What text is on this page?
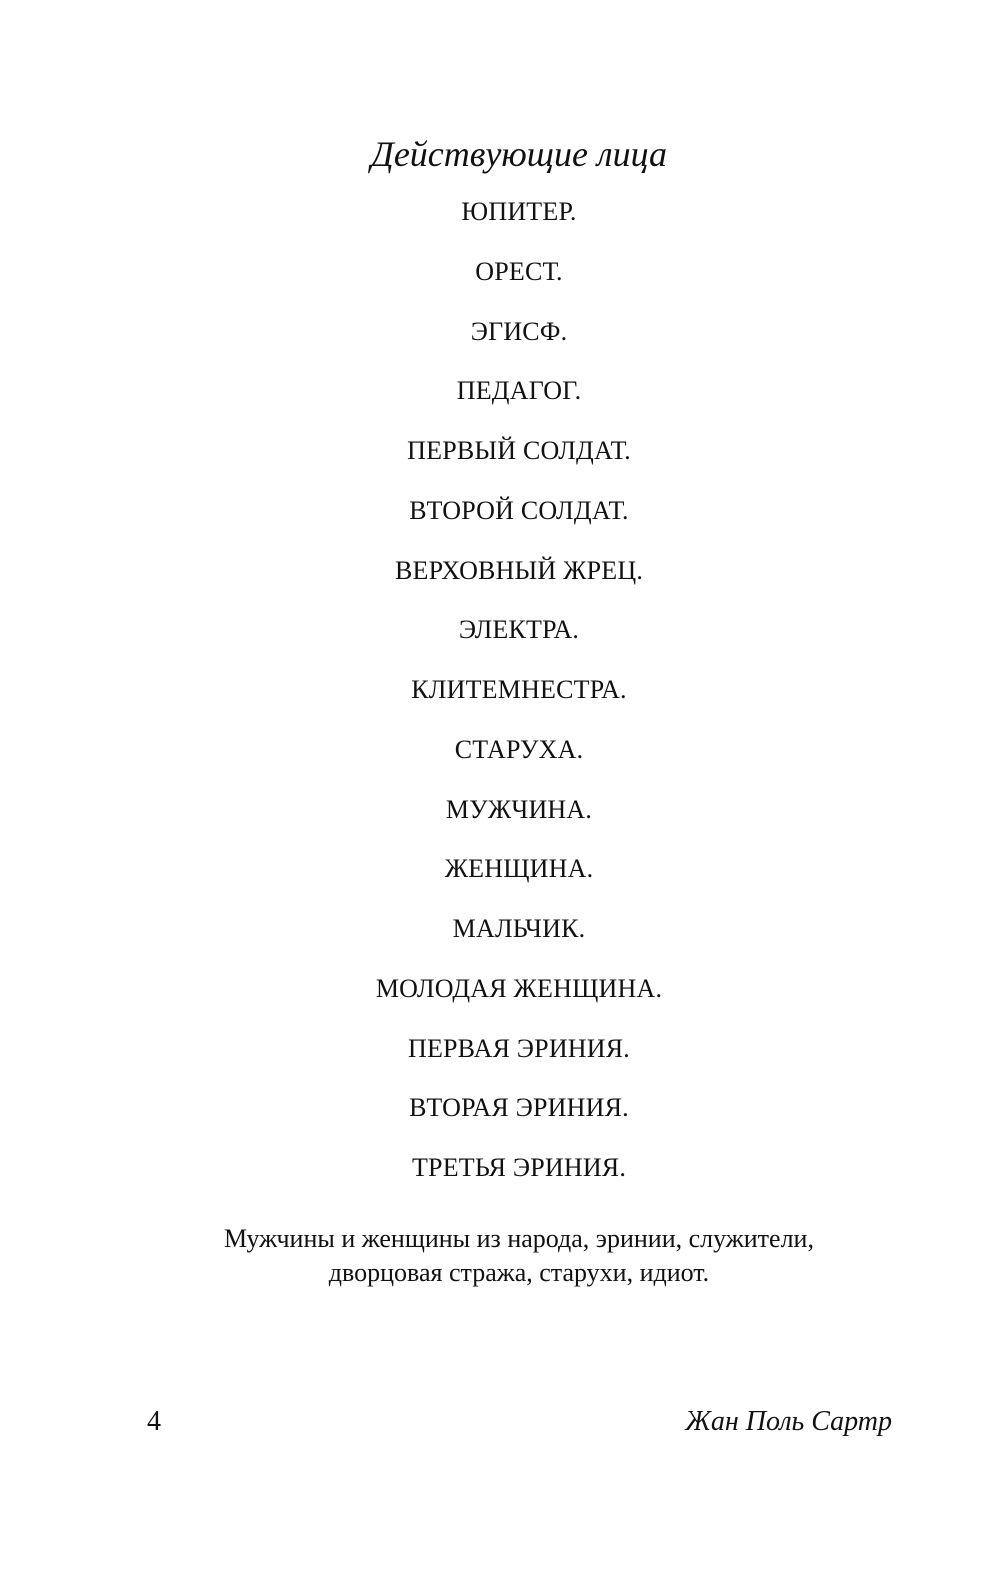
Действующие лица
ЮПИТЕР.
ОРЕСТ.
ЭГИСФ.
ПЕДАГОГ.
ПЕРВЫЙ СОЛДАТ.
ВТОРОЙ СОЛДАТ.
ВЕРХОВНЫЙ ЖРЕЦ.
ЭЛЕКТРА.
КЛИТЕМНЕСТРА.
СТАРУХА.
МУЖЧИНА.
ЖЕНЩИНА.
МАЛЬЧИК.
МОЛОДАЯ ЖЕНЩИНА.
ПЕРВАЯ ЭРИНИЯ.
ВТОРАЯ ЭРИНИЯ.
ТРЕТЬЯ ЭРИНИЯ.
Мужчины и женщины из народа, эринии, служители,
дворцовая стража, старухи, идиот.
4	Жан Поль Сартр
